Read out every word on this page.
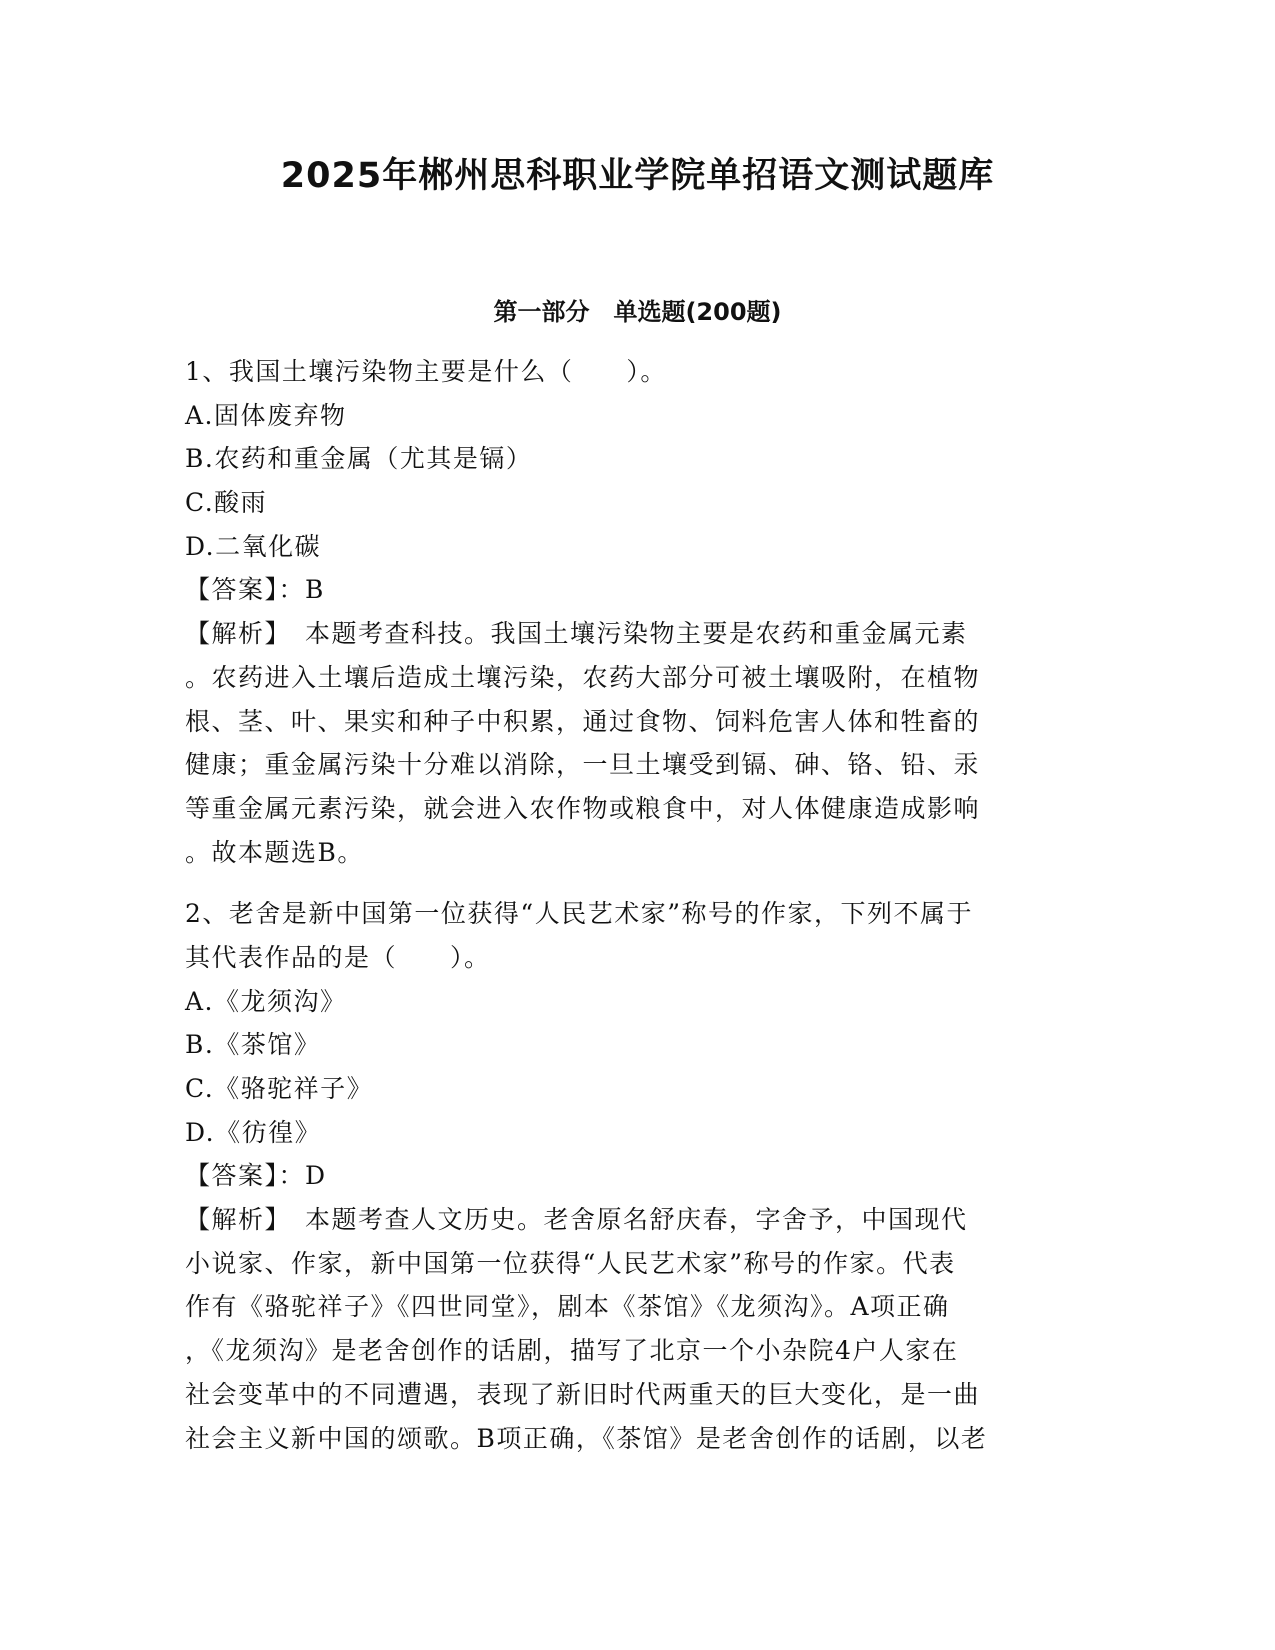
2025年郴州思科职业学院单招语文测试题库
第一部分　单选题(200题)
1、我国土壤污染物主要是什么（　　）。
A.固体废弃物
B.农药和重金属（尤其是镉）
C.酸雨
D.二氧化碳
【答案】：B
【解析】　本题考查科技。我国土壤污染物主要是农药和重金属元素
。农药进入土壤后造成土壤污染，农药大部分可被土壤吸附，在植物
根、茎、叶、果实和种子中积累，通过食物、饲料危害人体和牲畜的
健康；重金属污染十分难以消除，一旦土壤受到镉、砷、铬、铅、汞
等重金属元素污染，就会进入农作物或粮食中，对人体健康造成影响
。故本题选B。
2、老舍是新中国第一位获得“人民艺术家”称号的作家，下列不属于
其代表作品的是（　　）。
A.《龙须沟》
B.《茶馆》
C.《骆驼祥子》
D.《彷徨》
【答案】：D
【解析】　本题考查人文历史。老舍原名舒庆春，字舍予，中国现代
小说家、作家，新中国第一位获得“人民艺术家”称号的作家。代表
作有《骆驼祥子》《四世同堂》，剧本《茶馆》《龙须沟》。A项正确
，《龙须沟》是老舍创作的话剧，描写了北京一个小杂院4户人家在
社会变革中的不同遭遇，表现了新旧时代两重天的巨大变化，是一曲
社会主义新中国的颂歌。B项正确，《茶馆》是老舍创作的话剧，以老
